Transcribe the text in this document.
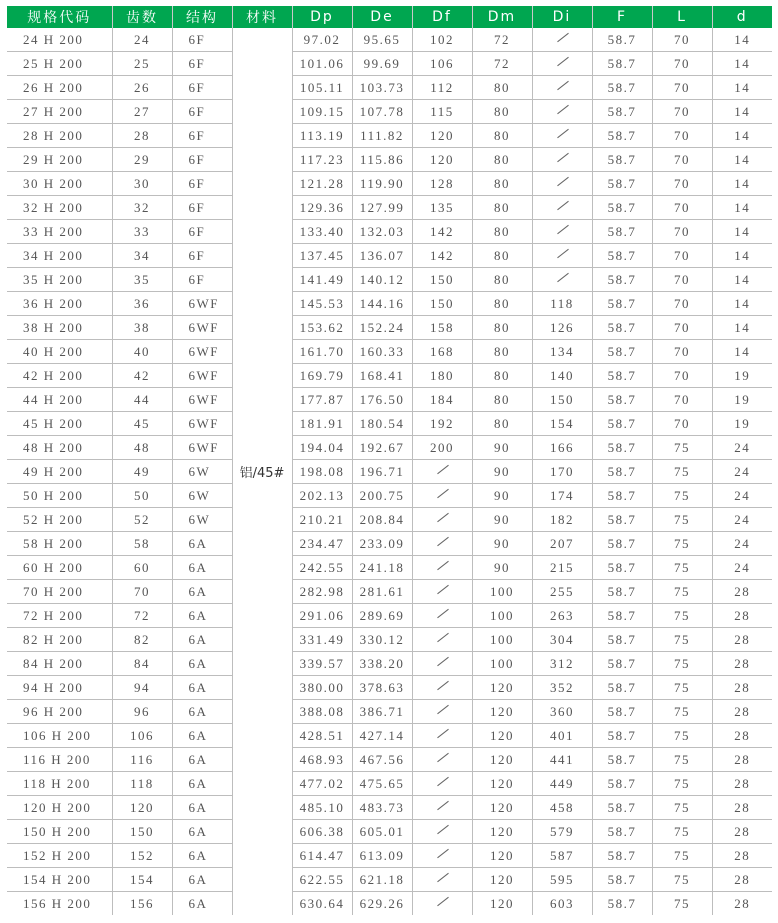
规格代码	齿数	结构	材料	Dp	De	Df	Dm	Di	F	L	d
24 H 200	24	6F	铝/45#	97.02	95.65	102	72		58.7	70	14
25 H 200	25	6F		101.06	99.69	106	72		58.7	70	14
26 H 200	26	6F		105.11	103.73	112	80		58.7	70	14
27 H 200	27	6F		109.15	107.78	115	80		58.7	70	14
28 H 200	28	6F		113.19	111.82	120	80		58.7	70	14
29 H 200	29	6F		117.23	115.86	120	80		58.7	70	14
30 H 200	30	6F		121.28	119.90	128	80		58.7	70	14
32 H 200	32	6F		129.36	127.99	135	80		58.7	70	14
33 H 200	33	6F		133.40	132.03	142	80		58.7	70	14
34 H 200	34	6F		137.45	136.07	142	80		58.7	70	14
35 H 200	35	6F		141.49	140.12	150	80		58.7	70	14
36 H 200	36	6WF		145.53	144.16	150	80	118	58.7	70	14
38 H 200	38	6WF		153.62	152.24	158	80	126	58.7	70	14
40 H 200	40	6WF		161.70	160.33	168	80	134	58.7	70	14
42 H 200	42	6WF		169.79	168.41	180	80	140	58.7	70	19
44 H 200	44	6WF		177.87	176.50	184	80	150	58.7	70	19
45 H 200	45	6WF		181.91	180.54	192	80	154	58.7	70	19
48 H 200	48	6WF		194.04	192.67	200	90	166	58.7	75	24
49 H 200	49	6W		198.08	196.71		90	170	58.7	75	24
50 H 200	50	6W		202.13	200.75		90	174	58.7	75	24
52 H 200	52	6W		210.21	208.84		90	182	58.7	75	24
58 H 200	58	6A		234.47	233.09		90	207	58.7	75	24
60 H 200	60	6A		242.55	241.18		90	215	58.7	75	24
70 H 200	70	6A		282.98	281.61		100	255	58.7	75	28
72 H 200	72	6A		291.06	289.69		100	263	58.7	75	28
82 H 200	82	6A		331.49	330.12		100	304	58.7	75	28
84 H 200	84	6A		339.57	338.20		100	312	58.7	75	28
94 H 200	94	6A		380.00	378.63		120	352	58.7	75	28
96 H 200	96	6A		388.08	386.71		120	360	58.7	75	28
106 H 200	106	6A		428.51	427.14		120	401	58.7	75	28
116 H 200	116	6A		468.93	467.56		120	441	58.7	75	28
118 H 200	118	6A		477.02	475.65		120	449	58.7	75	28
120 H 200	120	6A		485.10	483.73		120	458	58.7	75	28
150 H 200	150	6A		606.38	605.01		120	579	58.7	75	28
152 H 200	152	6A		614.47	613.09		120	587	58.7	75	28
154 H 200	154	6A		622.55	621.18		120	595	58.7	75	28
156 H 200	156	6A		630.64	629.26		120	603	58.7	75	28
